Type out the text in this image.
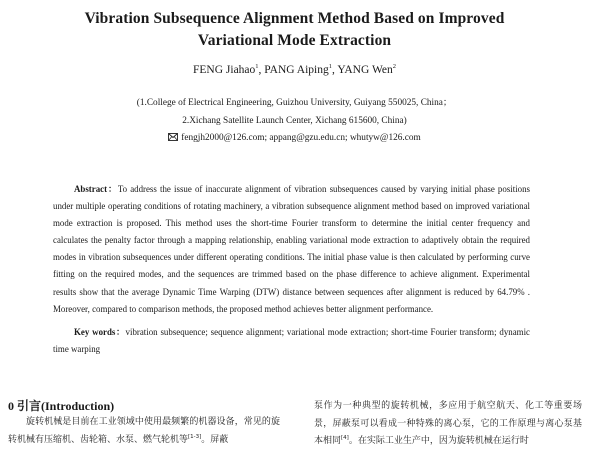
Vibration Subsequence Alignment Method Based on Improved
Variational Mode Extraction
FENG Jiahao$^1$, PANG Aiping$^1$, YANG Wen$^2$
(1.College of Electrical Engineering, Guizhou University, Guiyang 550025, China；
2.Xichang Satellite Launch Center, Xichang 615600, China)
fengjh2000@126.com; appang@gzu.edu.cn; whutyw@126.com
Abstract：To address the issue of inaccurate alignment of vibration subsequences caused by varying initial phase positions under multiple operating conditions of rotating machinery, a vibration subsequence alignment method based on improved variational mode extraction is proposed. This method uses the short-time Fourier transform to determine the initial center frequency and calculates the penalty factor through a mapping relationship, enabling variational mode extraction to adaptively obtain the required modes in vibration subsequences under different operating conditions. The initial phase value is then calculated by performing curve fitting on the required modes, and the sequences are trimmed based on the phase difference to achieve alignment. Experimental results show that the average Dynamic Time Warping (DTW) distance between sequences after alignment is reduced by 64.79% . Moreover, compared to comparison methods, the proposed method achieves better alignment performance.
Key words：vibration subsequence; sequence alignment; variational mode extraction; short-time Fourier transform; dynamic time warping
0 引言(Introduction)
旋转机械是目前在工业领域中使用最频繁的机器设备，常见的旋转机械有压缩机、齿轮箱、水泵、燃气轮机等[1-3]。屏蔽
泵作为一种典型的旋转机械，多应用于航空航天、化工等重要场景，屏蔽泵可以看成一种特殊的离心泵，它的工作原理与离心泵基本相同[4]。在实际工业生产中，因为旋转机械在运行时
